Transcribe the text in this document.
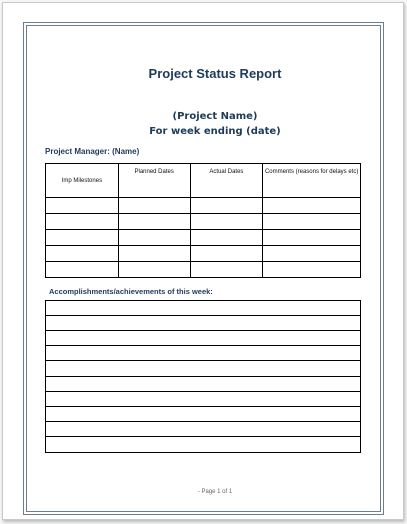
Project Status Report
(Project Name)
For week ending (date)
Project Manager: (Name)
Imp Milestones	Planned Dates	Actual Dates	Comments (reasons for delays etc)

Accomplishments/achievements of this week:
- Page 1 of 1
